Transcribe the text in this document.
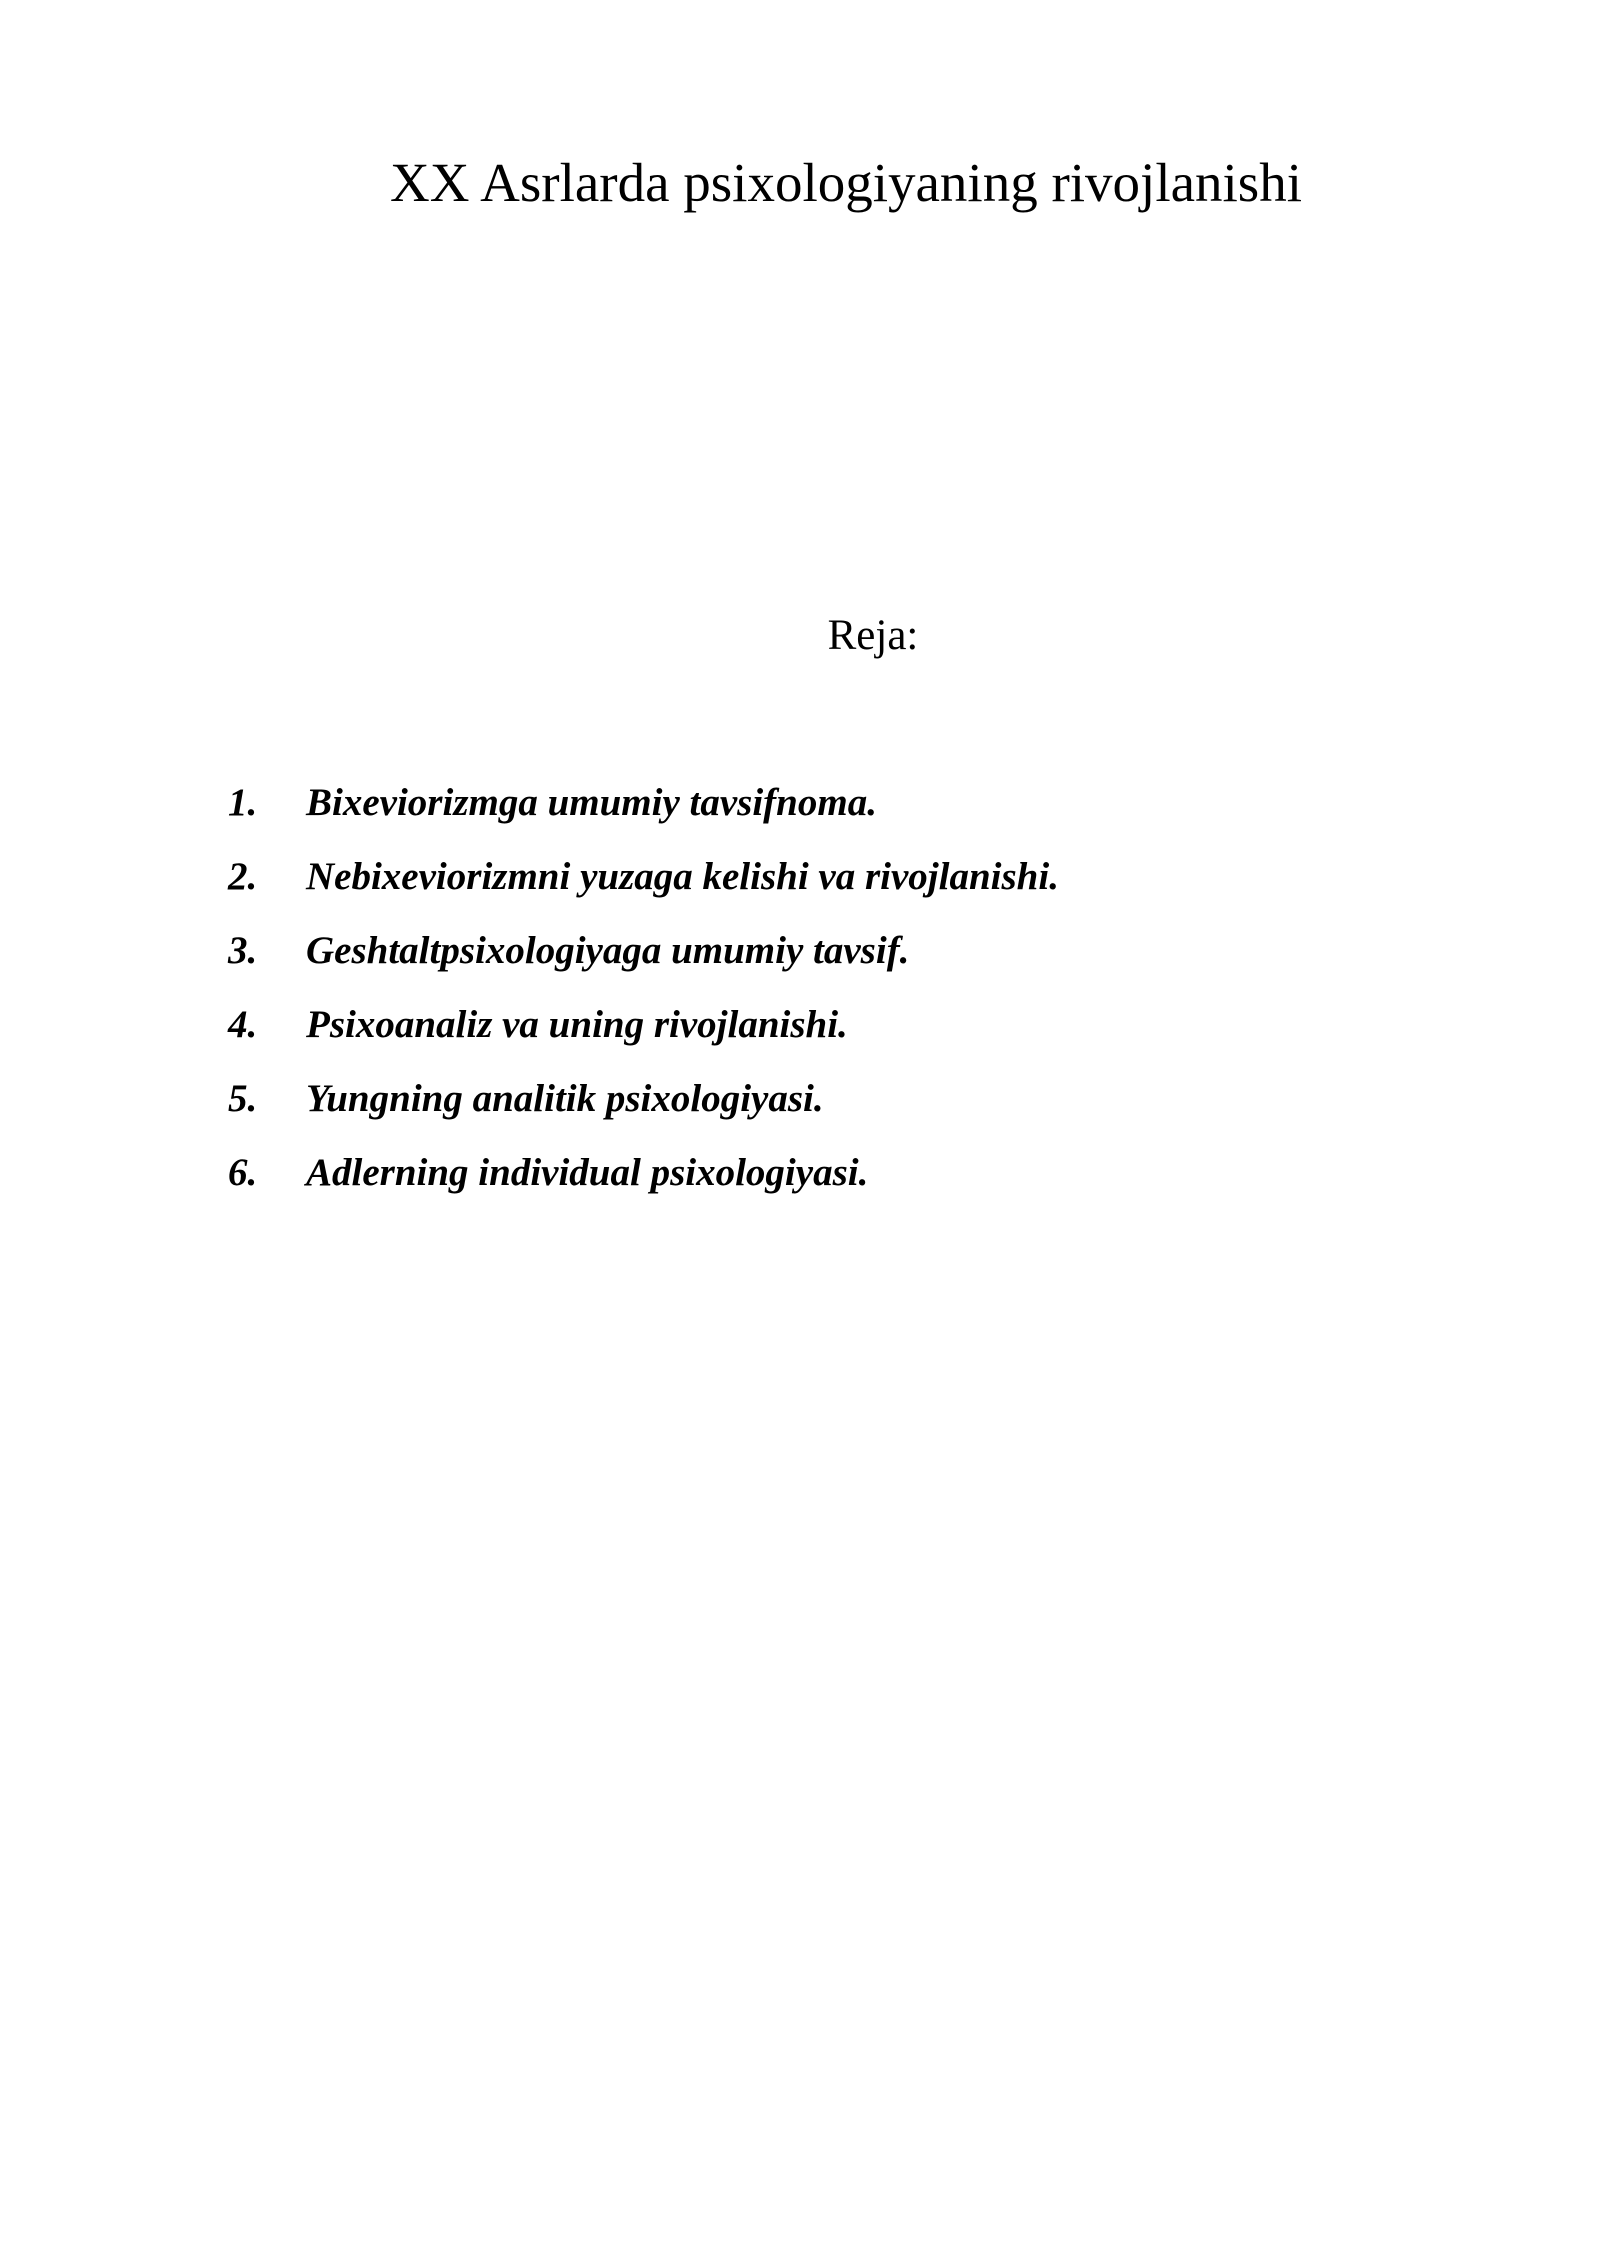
XX Asrlarda psixologiyaning rivojlanishi
Reja:
1.	Bixeviorizmga umumiy tavsifnoma.
2.	Nebixeviorizmni yuzaga kelishi va rivojlanishi.
3.	Geshtaltpsixologiyaga umumiy tavsif.
4.	Psixoanaliz va uning rivojlanishi.
5.	Yungning analitik psixologiyasi.
6.	Adlerning individual psixologiyasi.
